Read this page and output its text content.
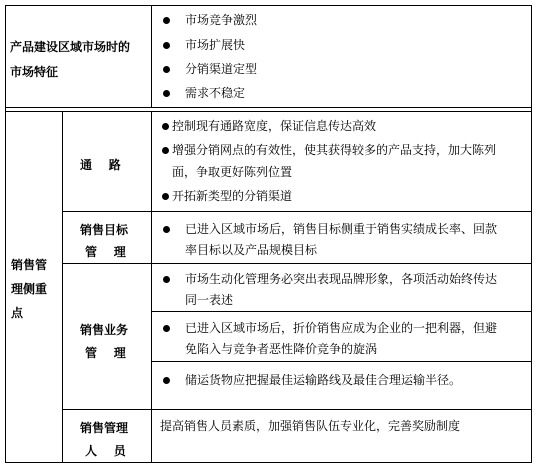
产品建设区域市场时的
市场特征
市场竞争激烈
市场扩展快
分销渠道定型
需求不稳定
销售管
理侧重
点
通    路
控制现有通路宽度，保证信息传达高效
增强分销网点的有效性，使其获得较多的产品支持，加大陈列
面，争取更好陈列位置
开拓新类型的分销渠道
销售目标
管    理
已进入区域市场后，销售目标侧重于销售实绩成长率、回款
率目标以及产品规模目标
销售业务
管    理
市场生动化管理务必突出表现品牌形象，各项活动始终传达
同一表述
已进入区域市场后，折价销售应成为企业的一把利器，但避
免陷入与竞争者恶性降价竞争的旋涡
储运货物应把握最佳运输路线及最佳合理运输半径。
销售管理
人    员
提高销售人员素质，加强销售队伍专业化，完善奖励制度
